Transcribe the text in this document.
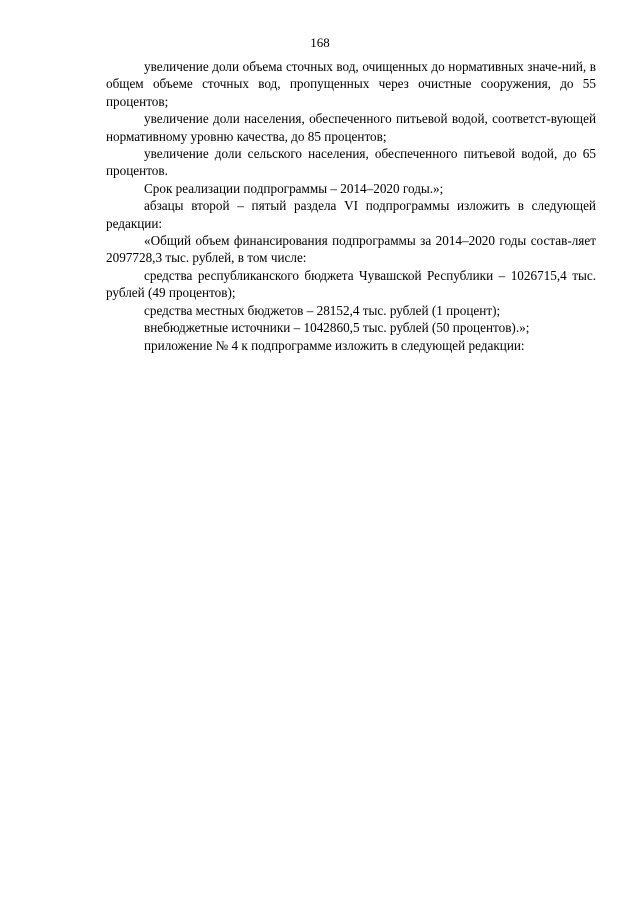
168

увеличение доли объема сточных вод, очищенных до нормативных значе-ний, в общем объеме сточных вод, пропущенных через очистные сооружения, до 55 процентов;

увеличение доли населения, обеспеченного питьевой водой, соответст-вующей нормативному уровню качества, до 85 процентов;

увеличение доли сельского населения, обеспеченного питьевой водой, до 65 процентов.

Срок реализации подпрограммы – 2014–2020 годы.»;

абзацы второй – пятый раздела VI подпрограммы изложить в следующей редакции:

«Общий объем финансирования подпрограммы за 2014–2020 годы состав-ляет 2097728,3 тыс. рублей, в том числе:

средства республиканского бюджета Чувашской Республики – 1026715,4 тыс. рублей (49 процентов);

средства местных бюджетов – 28152,4 тыс. рублей (1 процент);

внебюджетные источники – 1042860,5 тыс. рублей (50 процентов).»;

приложение № 4 к подпрограмме изложить в следующей редакции:
